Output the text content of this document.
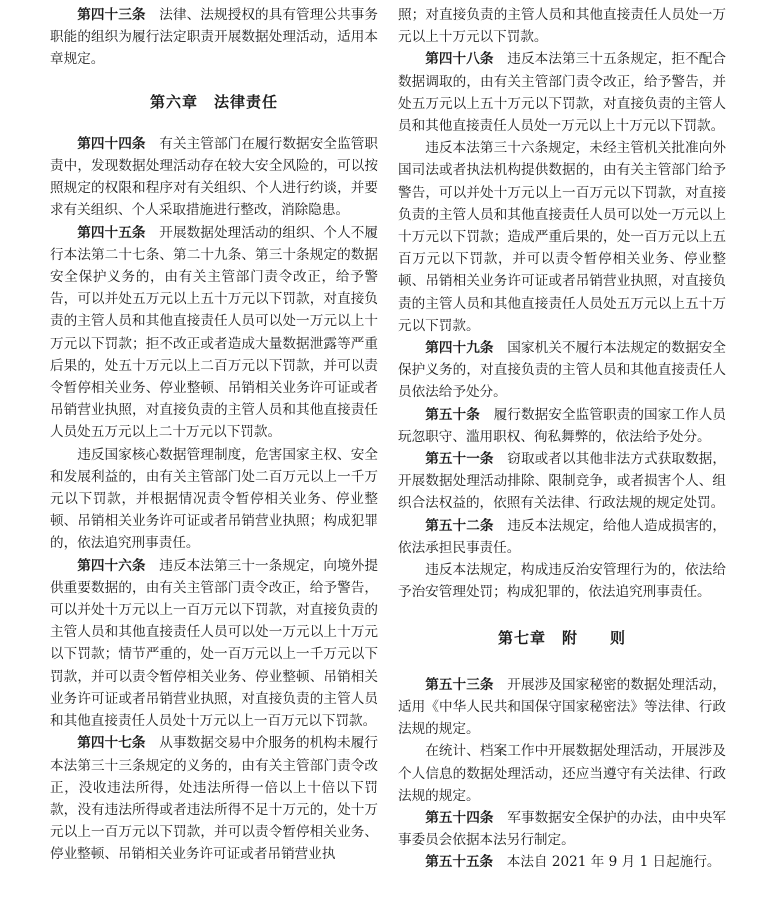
第四十三条　 法律、法规授权的具有管理公共事务职能的组织为履行法定职责开展数据处理活动，适用本章规定。

第六章　法律责任

第四十四条　 有关主管部门在履行数据安全监管职责中，发现数据处理活动存在较大安全风险的，可以按照规定的权限和程序对有关组织、个人进行约谈，并要求有关组织、个人采取措施进行整改，消除隐患。

第四十五条　 开展数据处理活动的组织、个人不履行本法第二十七条、第二十九条、第三十条规定的数据安全保护义务的，由有关主管部门责令改正，给予警告，可以并处五万元以上五十万元以下罚款，对直接负责的主管人员和其他直接责任人员可以处一万元以上十万元以下罚款；拒不改正或者造成大量数据泄露等严重后果的，处五十万元以上二百万元以下罚款，并可以责令暂停相关业务、停业整顿、吊销相关业务许可证或者吊销营业执照，对直接负责的主管人员和其他直接责任人员处五万元以上二十万元以下罚款。

违反国家核心数据管理制度，危害国家主权、安全和发展利益的，由有关主管部门处二百万元以上一千万元以下罚款，并根据情况责令暂停相关业务、停业整顿、吊销相关业务许可证或者吊销营业执照；构成犯罪的，依法追究刑事责任。

第四十六条　 违反本法第三十一条规定，向境外提供重要数据的，由有关主管部门责令改正，给予警告，可以并处十万元以上一百万元以下罚款，对直接负责的主管人员和其他直接责任人员可以处一万元以上十万元以下罚款；情节严重的，处一百万元以上一千万元以下罚款，并可以责令暂停相关业务、停业整顿、吊销相关业务许可证或者吊销营业执照，对直接负责的主管人员和其他直接责任人员处十万元以上一百万元以下罚款。

第四十七条　 从事数据交易中介服务的机构未履行本法第三十三条规定的义务的，由有关主管部门责令改正，没收违法所得，处违法所得一倍以上十倍以下罚款，没有违法所得或者违法所得不足十万元的，处十万元以上一百万元以下罚款，并可以责令暂停相关业务、停业整顿、吊销相关业务许可证或者吊销营业执

照；对直接负责的主管人员和其他直接责任人员处一万元以上十万元以下罚款。

第四十八条　 违反本法第三十五条规定，拒不配合数据调取的，由有关主管部门责令改正，给予警告，并处五万元以上五十万元以下罚款，对直接负责的主管人员和其他直接责任人员处一万元以上十万元以下罚款。

违反本法第三十六条规定，未经主管机关批准向外国司法或者执法机构提供数据的，由有关主管部门给予警告，可以并处十万元以上一百万元以下罚款，对直接负责的主管人员和其他直接责任人员可以处一万元以上十万元以下罚款；造成严重后果的，处一百万元以上五百万元以下罚款，并可以责令暂停相关业务、停业整顿、吊销相关业务许可证或者吊销营业执照，对直接负责的主管人员和其他直接责任人员处五万元以上五十万元以下罚款。

第四十九条　 国家机关不履行本法规定的数据安全保护义务的，对直接负责的主管人员和其他直接责任人员依法给予处分。

第五十条　 履行数据安全监管职责的国家工作人员玩忽职守、滥用职权、徇私舞弊的，依法给予处分。

第五十一条　 窃取或者以其他非法方式获取数据，开展数据处理活动排除、限制竞争，或者损害个人、组织合法权益的，依照有关法律、行政法规的规定处罚。

第五十二条　 违反本法规定，给他人造成损害的，依法承担民事责任。

违反本法规定，构成违反治安管理行为的，依法给予治安管理处罚；构成犯罪的，依法追究刑事责任。

第七章　附　　则

第五十三条　 开展涉及国家秘密的数据处理活动，适用《中华人民共和国保守国家秘密法》等法律、行政法规的规定。

在统计、档案工作中开展数据处理活动，开展涉及个人信息的数据处理活动，还应当遵守有关法律、行政法规的规定。

第五十四条　 军事数据安全保护的办法，由中央军事委员会依据本法另行制定。

第五十五条　 本法自 2021 年 9 月 1 日起施行。
